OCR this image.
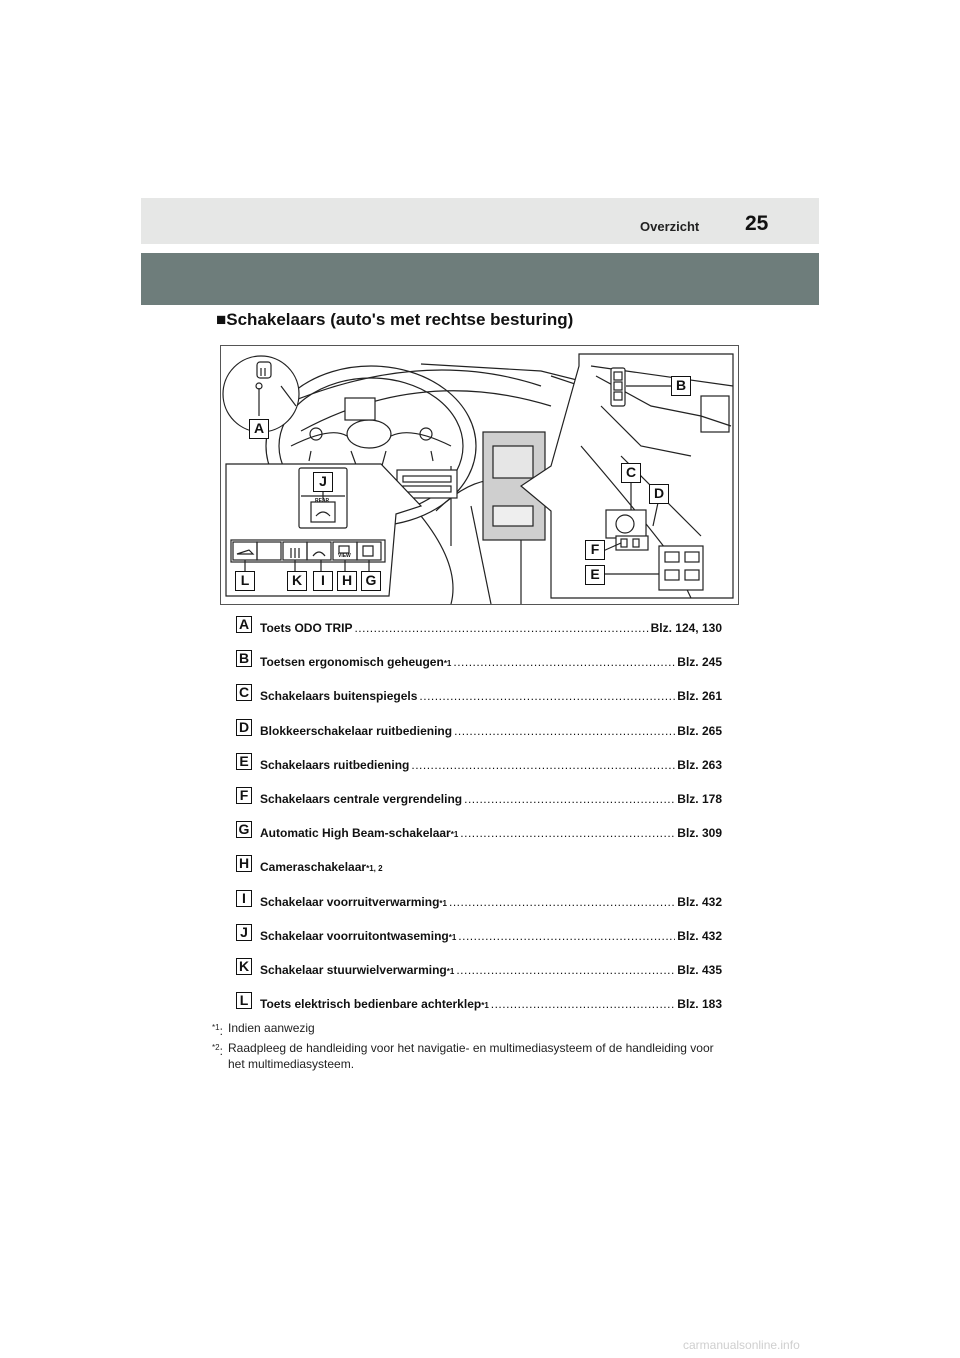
Overzicht 25
■Schakelaars (auto's met rechtse besturing)
A
B
C
D
E
F
G
H
I
J
K
L
REAR
VIEW
A Toets ODO TRIP .....	Blz. 124, 130
B Toetsen ergonomisch geheugen *1 .....	Blz. 245
C Schakelaars buitenspiegels .....	Blz. 261
D Blokkeerschakelaar ruitbediening .....	Blz. 265
E Schakelaars ruitbediening .....	Blz. 263
F Schakelaars centrale vergrendeling .....	Blz. 178
G Automatic High Beam-schakelaar *1 .....	Blz. 309
H Cameraschakelaar *1, 2
I	Schakelaar voorruitverwarming *1 .....	Blz. 432
J	Schakelaar voorruitontwaseming *1 .....	Blz. 432
K Schakelaar stuurwielverwarming *1 .....	Blz. 435
L Toets elektrisch bedienbare achterklep *1 .....	Blz. 183
$^{*1}$: Indien aanwezig
$^{*2}$: Raadpleeg de handleiding voor het navigatie- en multimediasysteem of de handleiding voor het multimediasysteem.
carmanualsonline.info
